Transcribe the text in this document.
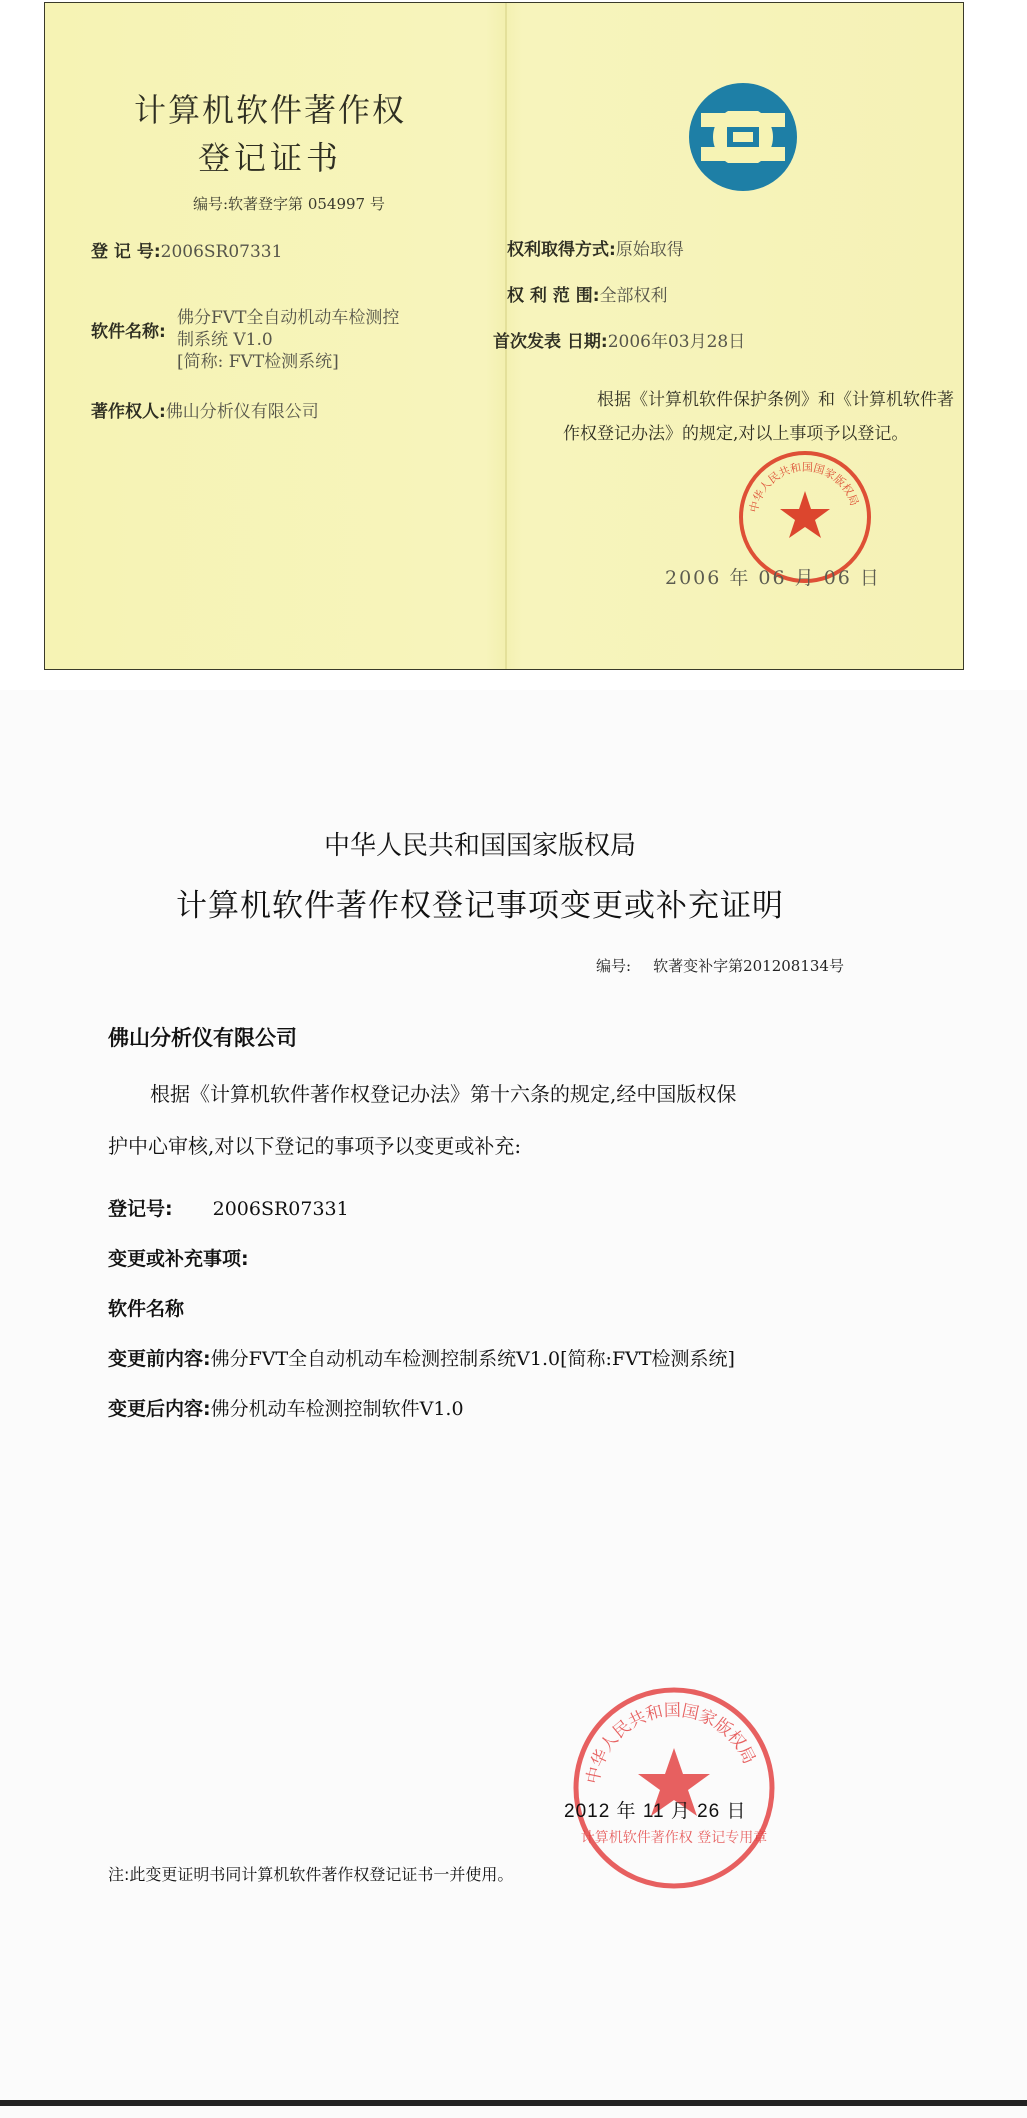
计算机软件著作权
登记证书
编号:软著登字第 054997 号
登 记 号:2006SR07331
软件名称:
佛分FVT全自动机动车检测控
制系统 V1.0
[简称: FVT检测系统]
著作权人:佛山分析仪有限公司
权利取得方式:原始取得
权 利 范 围:全部权利
首次发表 日期:2006年03月28日
根据《计算机软件保护条例》和《计算机软件著作权登记办法》的规定,对以上事项予以登记。
中华人民共和国国家版权局
2006 年 06 月 06 日
中华人民共和国国家版权局
计算机软件著作权登记事项变更或补充证明
编号: 软著变补字第201208134号
佛山分析仪有限公司
根据《计算机软件著作权登记办法》第十六条的规定,经中国版权保
护中心审核,对以下登记的事项予以变更或补充:
登记号: 2006SR07331
变更或补充事项:
软件名称
变更前内容:佛分FVT全自动机动车检测控制系统V1.0[简称:FVT检测系统]
变更后内容:佛分机动车检测控制软件V1.0
中华人民共和国国家版权局
计算机软件著作权 登记专用章
2012 年 11 月 26 日
注:此变更证明书同计算机软件著作权登记证书一并使用。
